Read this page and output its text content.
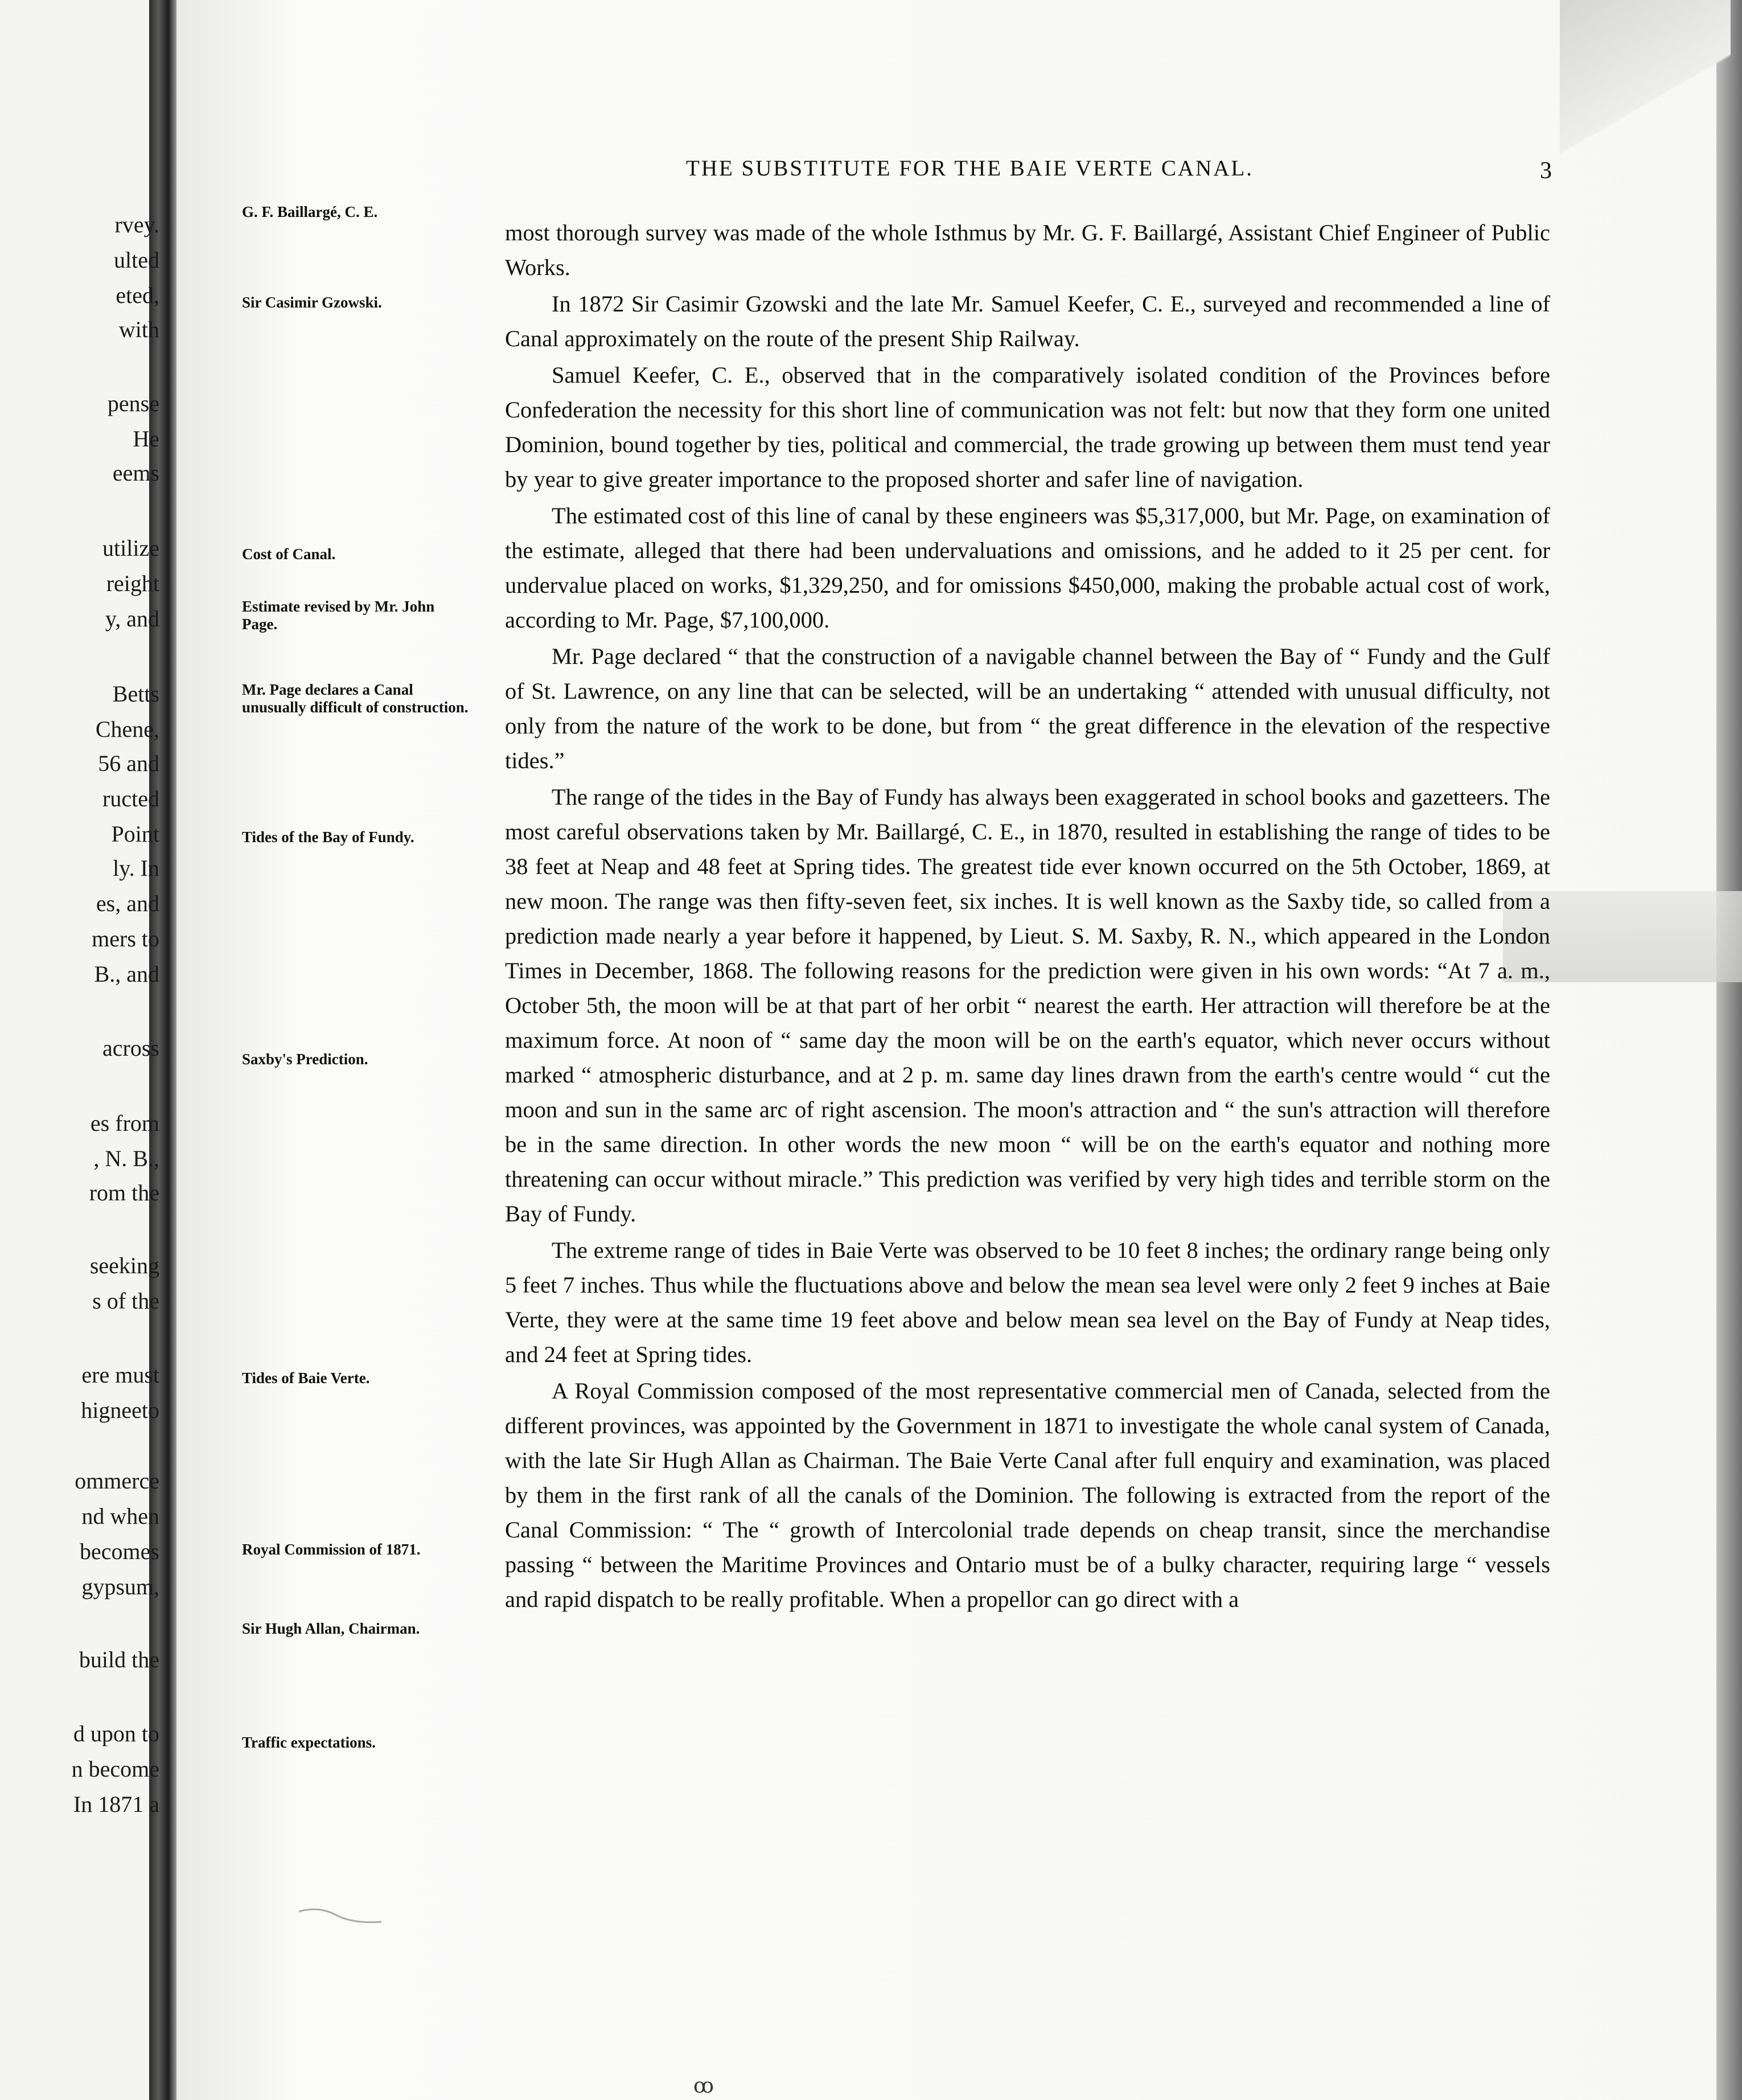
rvey.
ulted
eted,
with
pense
He
eems
utilize
reight
y, and
Betts
Chene,
56 and
ructed
Point
ly. In
es, and
mers to
B., and
across
es from
, N. B.,
rom the
seeking
s of the
ere must
higneeto
ommerce
nd when
becomes
gypsum,
build the
d upon to
n become
In 1871 a
THE SUBSTITUTE FOR THE BAIE VERTE CANAL.	3
G. F. Baillargé, C. E.
Sir Casimir Gzowski.
Cost of Canal.
Estimate revised by Mr. John Page.
Mr. Page declares a Canal unusually difficult of construction.
Tides of the Bay of Fundy.
Saxby's Prediction.
Tides of Baie Verte.
Royal Commission of 1871.
Sir Hugh Allan, Chairman.
Traffic expectations.

most thorough survey was made of the whole Isthmus by Mr. G. F. Baillargé, Assistant Chief Engineer of Public Works.

In 1872 Sir Casimir Gzowski and the late Mr. Samuel Keefer, C. E., surveyed and recommended a line of Canal approximately on the route of the present Ship Railway.

Samuel Keefer, C. E., observed that in the comparatively isolated condition of the Provinces before Confederation the necessity for this short line of communication was not felt: but now that they form one united Dominion, bound together by ties, political and commercial, the trade growing up between them must tend year by year to give greater importance to the proposed shorter and safer line of navigation.

The estimated cost of this line of canal by these engineers was $5,317,000, but Mr. Page, on examination of the estimate, alleged that there had been undervaluations and omissions, and he added to it 25 per cent. for undervalue placed on works, $1,329,250, and for omissions $450,000, making the probable actual cost of work, according to Mr. Page, $7,100,000.

Mr. Page declared “ that the construction of a navigable channel between the Bay of “ Fundy and the Gulf of St. Lawrence, on any line that can be selected, will be an undertaking “ attended with unusual difficulty, not only from the nature of the work to be done, but from “ the great difference in the elevation of the respective tides.”

The range of the tides in the Bay of Fundy has always been exaggerated in school books and gazetteers. The most careful observations taken by Mr. Baillargé, C. E., in 1870, resulted in establishing the range of tides to be 38 feet at Neap and 48 feet at Spring tides. The greatest tide ever known occurred on the 5th October, 1869, at new moon. The range was then fifty-seven feet, six inches. It is well known as the Saxby tide, so called from a prediction made nearly a year before it happened, by Lieut. S. M. Saxby, R. N., which appeared in the London Times in December, 1868. The following reasons for the prediction were given in his own words: “At 7 a. m., October 5th, the moon will be at that part of her orbit “ nearest the earth. Her attraction will therefore be at the maximum force. At noon of “ same day the moon will be on the earth's equator, which never occurs without marked “ atmospheric disturbance, and at 2 p. m. same day lines drawn from the earth's centre would “ cut the moon and sun in the same arc of right ascension. The moon's attraction and “ the sun's attraction will therefore be in the same direction. In other words the new moon “ will be on the earth's equator and nothing more threatening can occur without miracle.” This prediction was verified by very high tides and terrible storm on the Bay of Fundy.

The extreme range of tides in Baie Verte was observed to be 10 feet 8 inches; the ordinary range being only 5 feet 7 inches. Thus while the fluctuations above and below the mean sea level were only 2 feet 9 inches at Baie Verte, they were at the same time 19 feet above and below mean sea level on the Bay of Fundy at Neap tides, and 24 feet at Spring tides.

A Royal Commission composed of the most representative commercial men of Canada, selected from the different provinces, was appointed by the Government in 1871 to investigate the whole canal system of Canada, with the late Sir Hugh Allan as Chairman. The Baie Verte Canal after full enquiry and examination, was placed by them in the first rank of all the canals of the Dominion. The following is extracted from the report of the Canal Commission: “ The “ growth of Intercolonial trade depends on cheap transit, since the merchandise passing “ between the Maritime Provinces and Ontario must be of a bulky character, requiring large “ vessels and rapid dispatch to be really profitable. When a propellor can go direct with a

ꝏ
